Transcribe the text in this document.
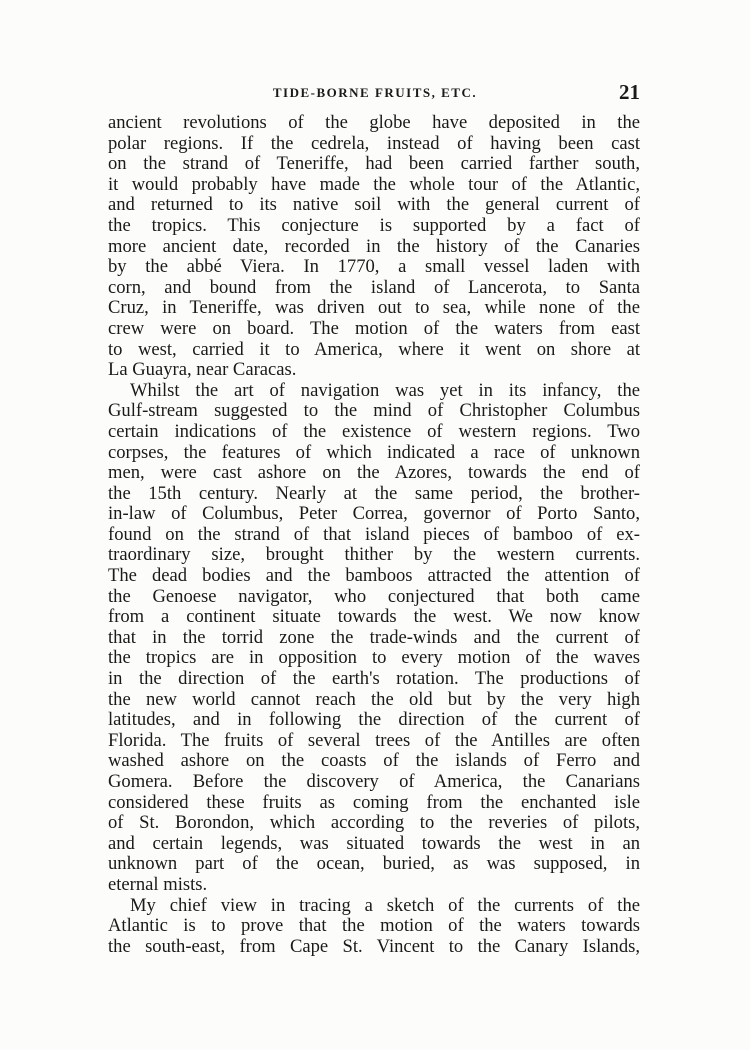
TIDE-BORNE FRUITS, ETC.	21

ancient revolutions of the globe have deposited in the
polar regions. If the cedrela, instead of having been cast
on the strand of Teneriffe, had been carried farther south,
it would probably have made the whole tour of the Atlantic,
and returned to its native soil with the general current of
the tropics. This conjecture is supported by a fact of
more ancient date, recorded in the history of the Canaries
by the abbé Viera. In 1770, a small vessel laden with
corn, and bound from the island of Lancerota, to Santa
Cruz, in Teneriffe, was driven out to sea, while none of the
crew were on board. The motion of the waters from east
to west, carried it to America, where it went on shore at
La Guayra, near Caracas.

Whilst the art of navigation was yet in its infancy, the
Gulf-stream suggested to the mind of Christopher Columbus
certain indications of the existence of western regions. Two
corpses, the features of which indicated a race of unknown
men, were cast ashore on the Azores, towards the end of
the 15th century. Nearly at the same period, the brother-
in-law of Columbus, Peter Correa, governor of Porto Santo,
found on the strand of that island pieces of bamboo of ex-
traordinary size, brought thither by the western currents.
The dead bodies and the bamboos attracted the attention of
the Genoese navigator, who conjectured that both came
from a continent situate towards the west. We now know
that in the torrid zone the trade-winds and the current of
the tropics are in opposition to every motion of the waves
in the direction of the earth's rotation. The productions of
the new world cannot reach the old but by the very high
latitudes, and in following the direction of the current of
Florida. The fruits of several trees of the Antilles are often
washed ashore on the coasts of the islands of Ferro and
Gomera. Before the discovery of America, the Canarians
considered these fruits as coming from the enchanted isle
of St. Borondon, which according to the reveries of pilots,
and certain legends, was situated towards the west in an
unknown part of the ocean, buried, as was supposed, in
eternal mists.

My chief view in tracing a sketch of the currents of the
Atlantic is to prove that the motion of the waters towards
the south-east, from Cape St. Vincent to the Canary Islands,
